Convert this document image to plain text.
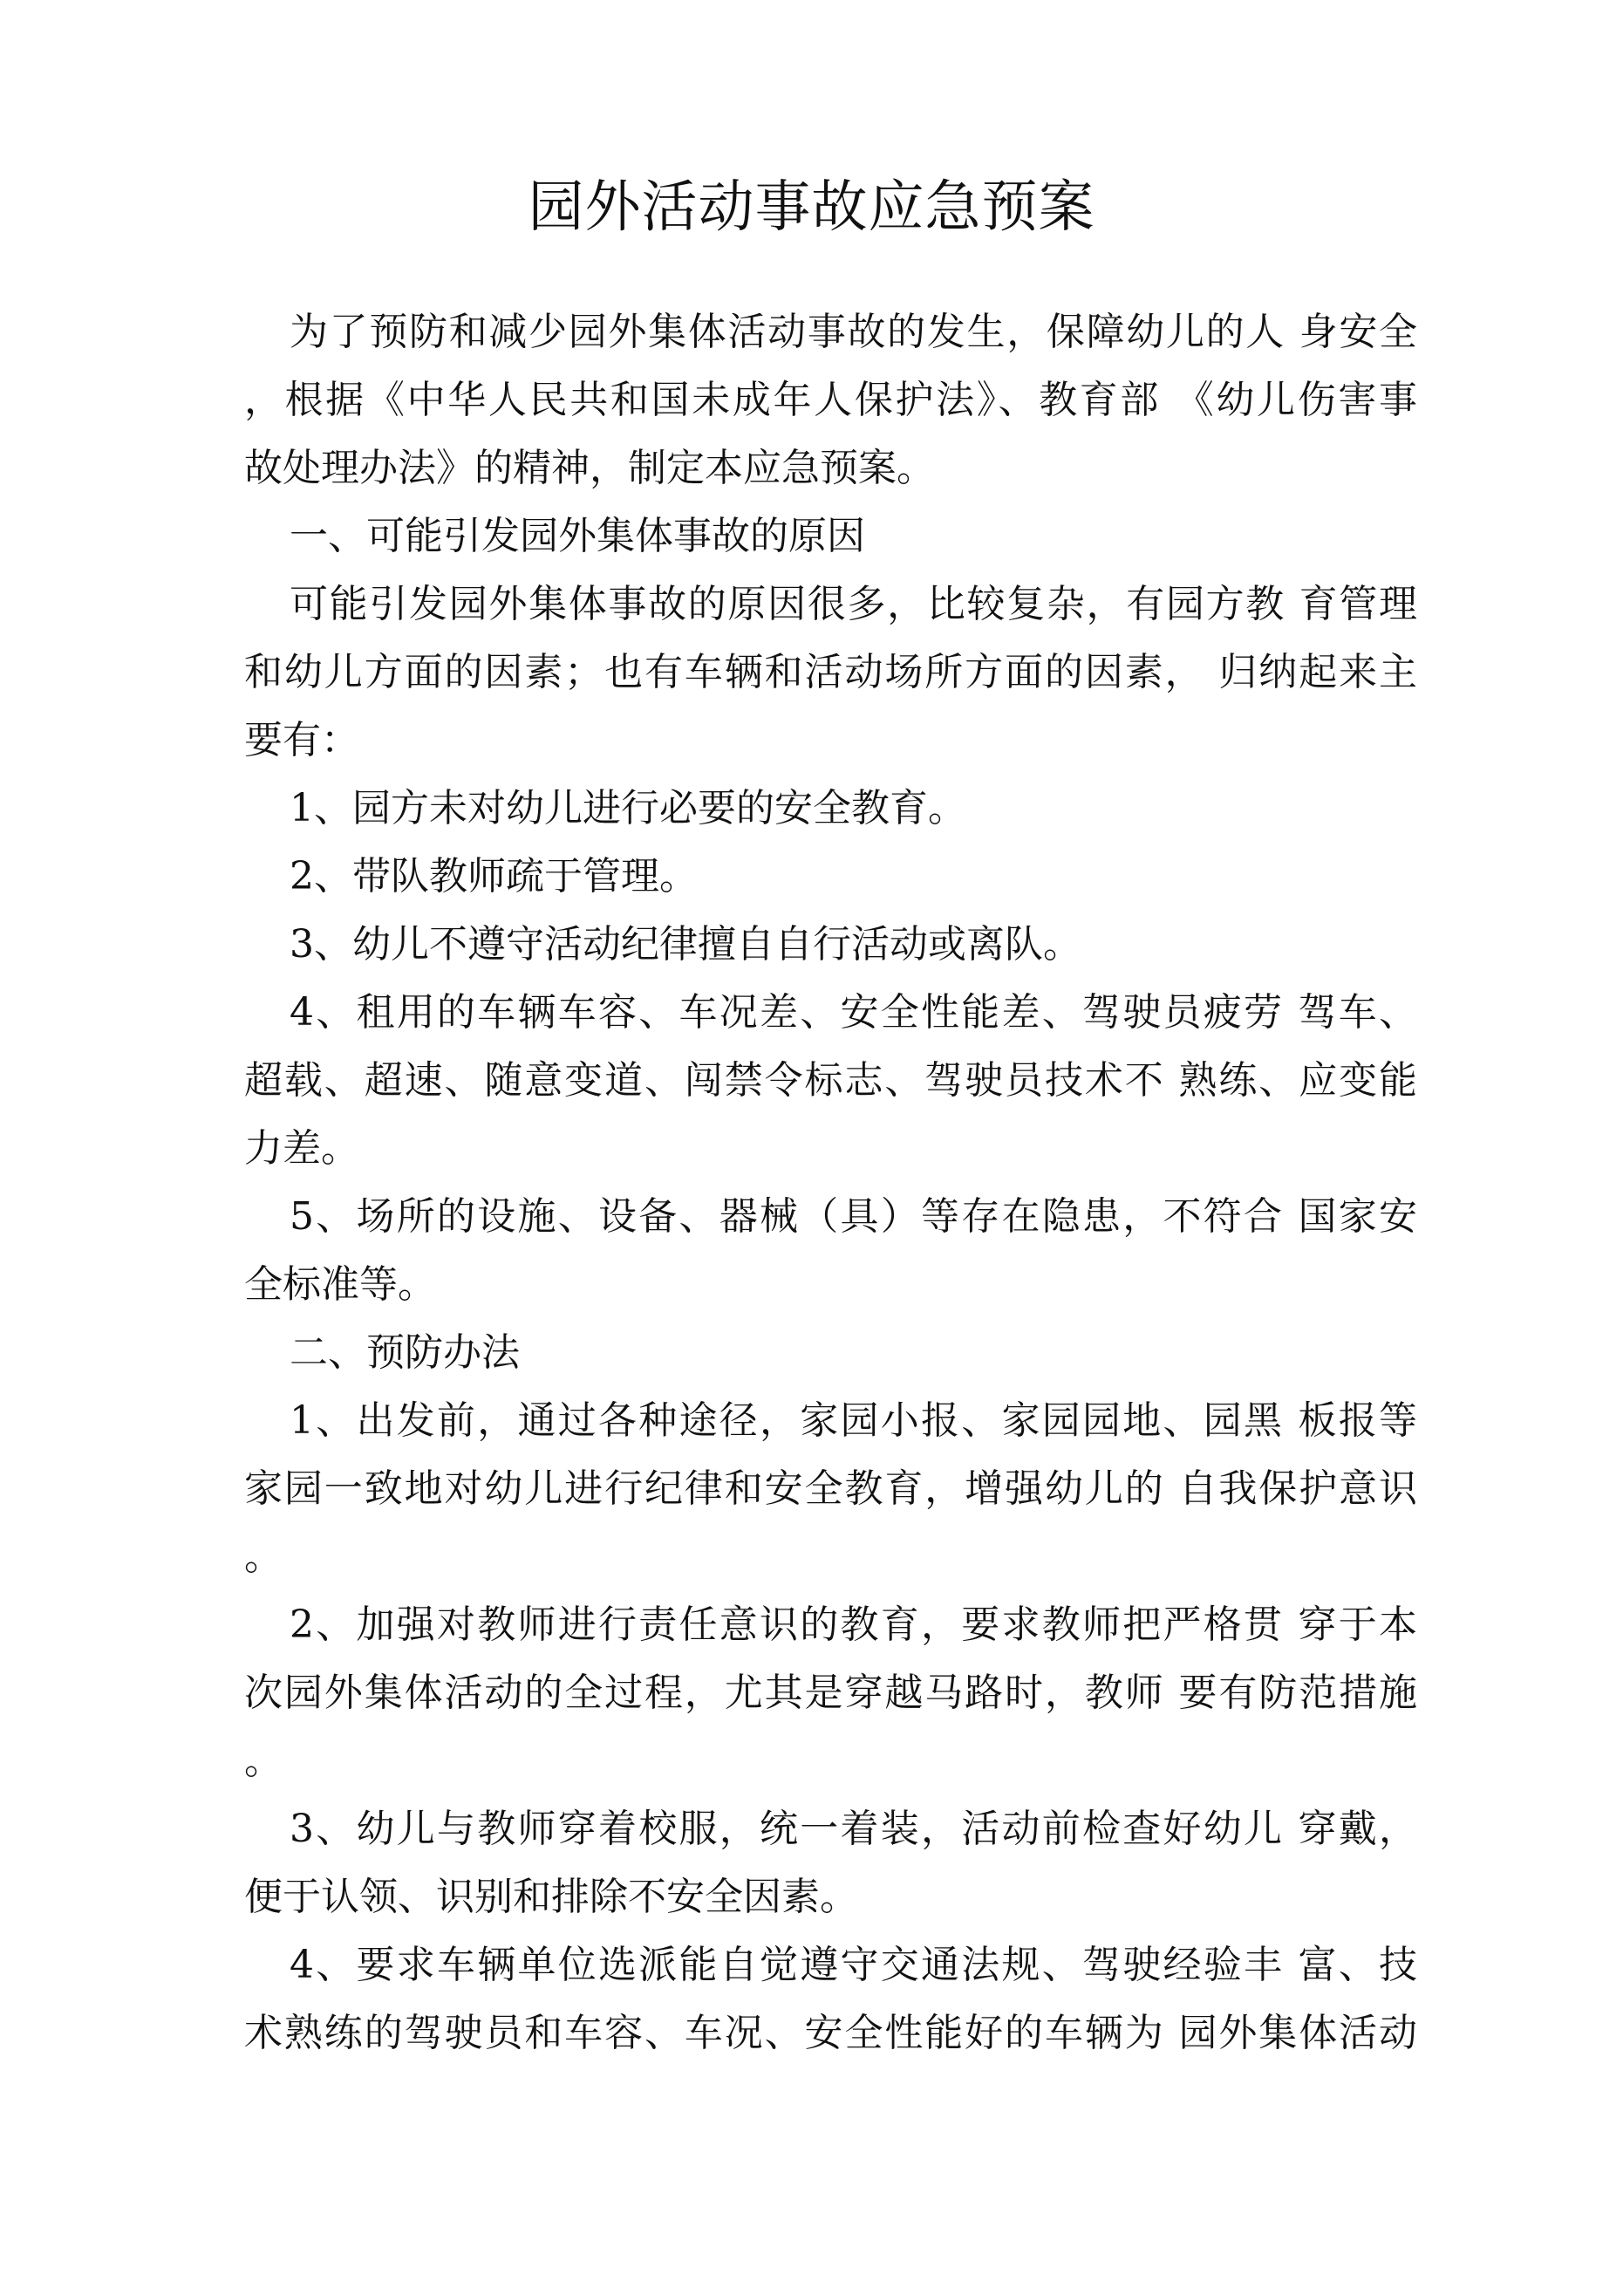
园外活动事故应急预案
为了预防和减少园外集体活动事故的发生，保障幼儿的人 身安全
，根据《中华人民共和国未成年人保护法》、教育部 《幼儿伤害事
故处理办法》的精神，制定本应急预案。
一、可能引发园外集体事故的原因
可能引发园外集体事故的原因很多，比较复杂，有园方教 育管理
和幼儿方面的因素；也有车辆和活动场所方面的因素， 归纳起来主
要有：
1、园方未对幼儿进行必要的安全教育。
2、带队教师疏于管理。
3、幼儿不遵守活动纪律擅自自行活动或离队。
4、租用的车辆车容、车况差、安全性能差、驾驶员疲劳 驾车、
超载、超速、随意变道、闯禁令标志、驾驶员技术不 熟练、应变能
力差。
5、场所的设施、设备、器械（具）等存在隐患，不符合 国家安
全标准等。
二、预防办法
1、出发前，通过各种途径，家园小报、家园园地、园黑 板报等
家园一致地对幼儿进行纪律和安全教育，增强幼儿的 自我保护意识
。
2、加强对教师进行责任意识的教育，要求教师把严格贯 穿于本
次园外集体活动的全过程，尤其是穿越马路时，教师 要有防范措施
。
3、幼儿与教师穿着校服，统一着装，活动前检查好幼儿 穿戴，
便于认领、识别和排除不安全因素。
4、要求车辆单位选派能自觉遵守交通法规、驾驶经验丰 富、技
术熟练的驾驶员和车容、车况、安全性能好的车辆为 园外集体活动
